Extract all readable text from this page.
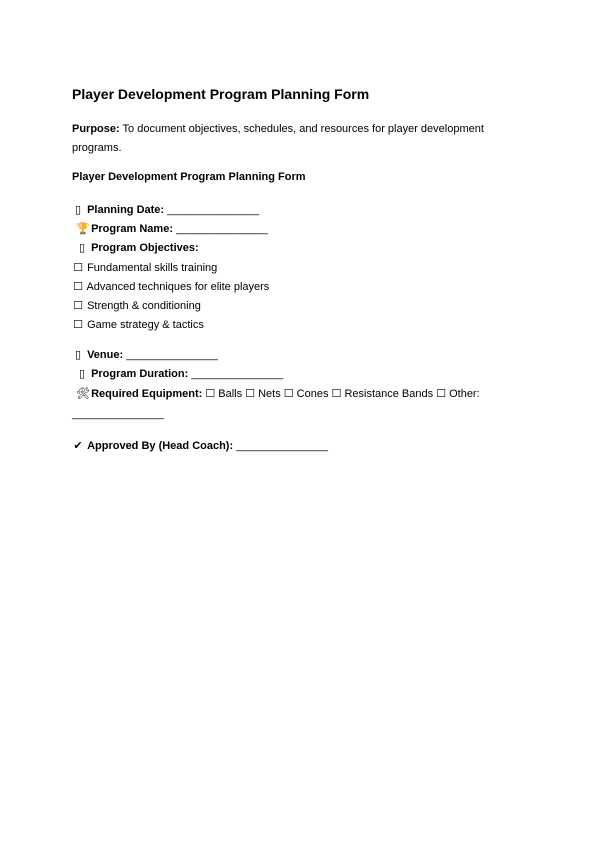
Player Development Program Planning Form
Purpose: To document objectives, schedules, and resources for player development programs.
Player Development Program Planning Form
▯ Planning Date: _______________
🏆 Program Name: _______________
▯ Program Objectives:
☐ Fundamental skills training
☐ Advanced techniques for elite players
☐ Strength & conditioning
☐ Game strategy & tactics
▯ Venue: _______________
▯ Program Duration: _______________
🛠 Required Equipment: ☐ Balls ☐ Nets ☐ Cones ☐ Resistance Bands ☐ Other:
_______________
✔ Approved By (Head Coach): _______________
